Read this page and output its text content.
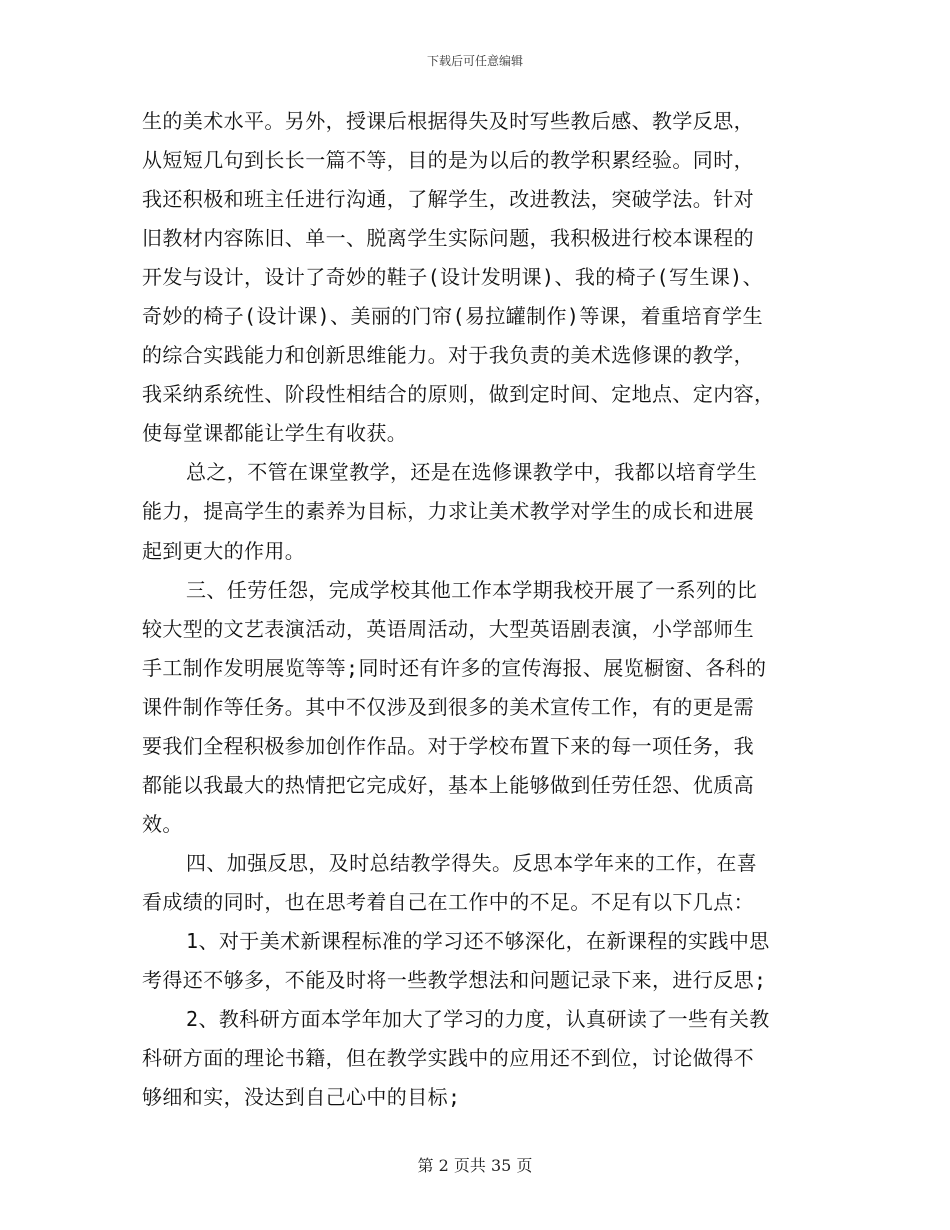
下载后可任意编辑
生的美术水平。另外，授课后根据得失及时写些教后感、教学反思，
从短短几句到长长一篇不等，目的是为以后的教学积累经验。同时，
我还积极和班主任进行沟通，了解学生，改进教法，突破学法。针对
旧教材内容陈旧、单一、脱离学生实际问题，我积极进行校本课程的
开发与设计，设计了奇妙的鞋子(设计发明课)、我的椅子(写生课)、
奇妙的椅子(设计课)、美丽的门帘(易拉罐制作)等课，着重培育学生
的综合实践能力和创新思维能力。对于我负责的美术选修课的教学，
我采纳系统性、阶段性相结合的原则，做到定时间、定地点、定内容，
使每堂课都能让学生有收获。
总之，不管在课堂教学，还是在选修课教学中，我都以培育学生
能力，提高学生的素养为目标，力求让美术教学对学生的成长和进展
起到更大的作用。
三、任劳任怨，完成学校其他工作本学期我校开展了一系列的比
较大型的文艺表演活动，英语周活动，大型英语剧表演，小学部师生
手工制作发明展览等等;同时还有许多的宣传海报、展览橱窗、各科的
课件制作等任务。其中不仅涉及到很多的美术宣传工作，有的更是需
要我们全程积极参加创作作品。对于学校布置下来的每一项任务，我
都能以我最大的热情把它完成好，基本上能够做到任劳任怨、优质高
效。
四、加强反思，及时总结教学得失。反思本学年来的工作，在喜
看成绩的同时，也在思考着自己在工作中的不足。不足有以下几点：
1、对于美术新课程标准的学习还不够深化，在新课程的实践中思
考得还不够多，不能及时将一些教学想法和问题记录下来，进行反思;
2、教科研方面本学年加大了学习的力度，认真研读了一些有关教
科研方面的理论书籍，但在教学实践中的应用还不到位，讨论做得不
够细和实，没达到自己心中的目标;
第 2 页共 35 页
